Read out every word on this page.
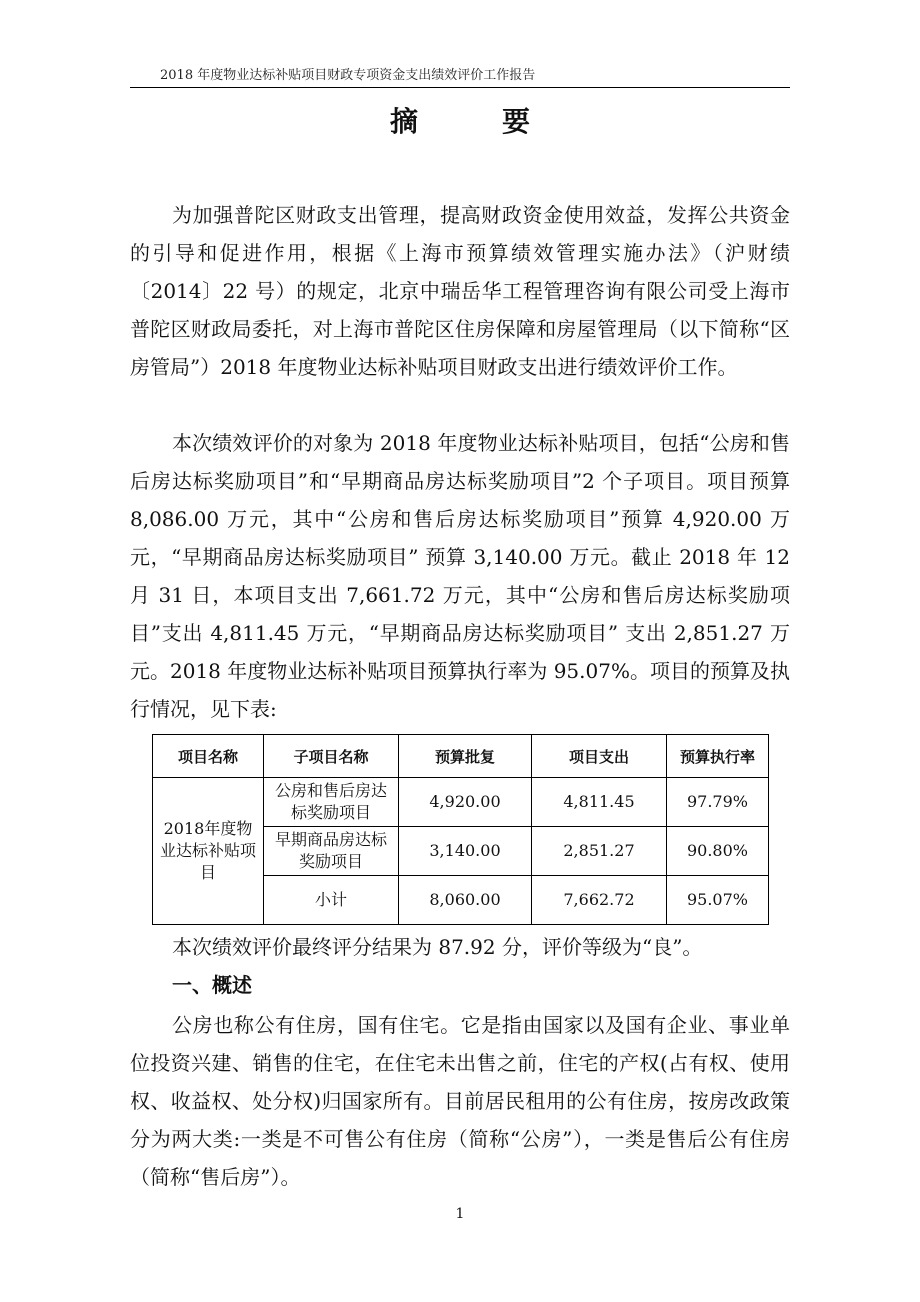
2018 年度物业达标补贴项目财政专项资金支出绩效评价工作报告
摘　要

为加强普陀区财政支出管理，提高财政资金使用效益，发挥公共资金的引导和促进作用，根据《上海市预算绩效管理实施办法》（沪财绩〔2014〕22 号）的规定，北京中瑞岳华工程管理咨询有限公司受上海市普陀区财政局委托，对上海市普陀区住房保障和房屋管理局（以下简称“区房管局”）2018 年度物业达标补贴项目财政支出进行绩效评价工作。

本次绩效评价的对象为 2018 年度物业达标补贴项目，包括“公房和售后房达标奖励项目”和“早期商品房达标奖励项目”2 个子项目。项目预算 8,086.00 万元，其中“公房和售后房达标奖励项目”预算 4,920.00 万元，“早期商品房达标奖励项目” 预算 3,140.00 万元。截止 2018 年 12 月 31 日，本项目支出 7,661.72 万元，其中“公房和售后房达标奖励项目”支出 4,811.45 万元，“早期商品房达标奖励项目” 支出 2,851.27 万元。2018 年度物业达标补贴项目预算执行率为 95.07%。项目的预算及执行情况，见下表:

项目名称	子项目名称	预算批复	项目支出	预算执行率
2018年度物业达标补贴项目	公房和售后房达标奖励项目	4,920.00	4,811.45	97.79%
	早期商品房达标奖励项目	3,140.00	2,851.27	90.80%
	小计	8,060.00	7,662.72	95.07%

本次绩效评价最终评分结果为 87.92 分，评价等级为“良”。

一、概述

公房也称公有住房，国有住宅。它是指由国家以及国有企业、事业单位投资兴建、销售的住宅，在住宅未出售之前，住宅的产权(占有权、使用权、收益权、处分权)归国家所有。目前居民租用的公有住房，按房改政策分为两大类:一类是不可售公有住房（简称“公房”），一类是售后公有住房（简称“售后房”）。

1
